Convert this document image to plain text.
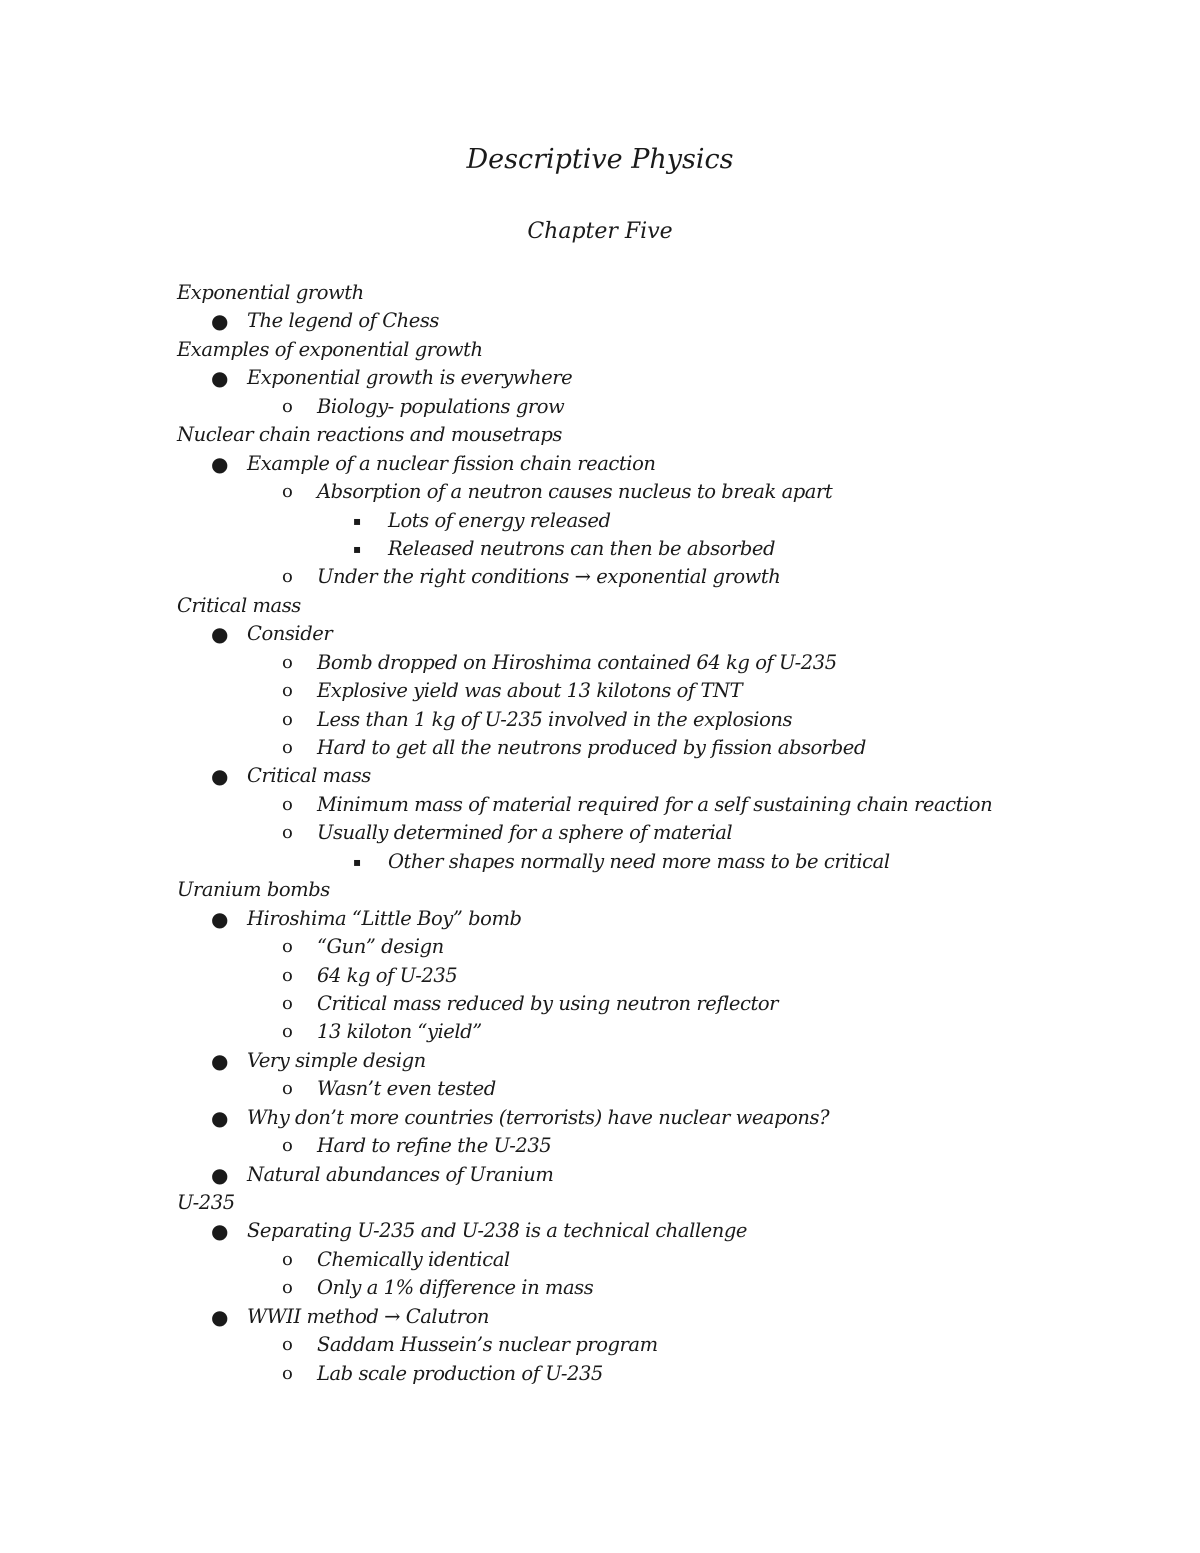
Descriptive Physics
Chapter Five
Exponential growth
● The legend of Chess
Examples of exponential growth
● Exponential growth is everywhere
o Biology- populations grow
Nuclear chain reactions and mousetraps
● Example of a nuclear fission chain reaction
o Absorption of a neutron causes nucleus to break apart
▪ Lots of energy released
▪ Released neutrons can then be absorbed
o Under the right conditions → exponential growth
Critical mass
● Consider
o Bomb dropped on Hiroshima contained 64 kg of U-235
o Explosive yield was about 13 kilotons of TNT
o Less than 1 kg of U-235 involved in the explosions
o Hard to get all the neutrons produced by fission absorbed
● Critical mass
o Minimum mass of material required for a self sustaining chain reaction
o Usually determined for a sphere of material
▪ Other shapes normally need more mass to be critical
Uranium bombs
● Hiroshima “Little Boy” bomb
o “Gun” design
o 64 kg of U-235
o Critical mass reduced by using neutron reflector
o 13 kiloton “yield”
● Very simple design
o Wasn’t even tested
● Why don’t more countries (terrorists) have nuclear weapons?
o Hard to refine the U-235
● Natural abundances of Uranium
U-235
● Separating U-235 and U-238 is a technical challenge
o Chemically identical
o Only a 1% difference in mass
● WWII method → Calutron
o Saddam Hussein’s nuclear program
o Lab scale production of U-235
